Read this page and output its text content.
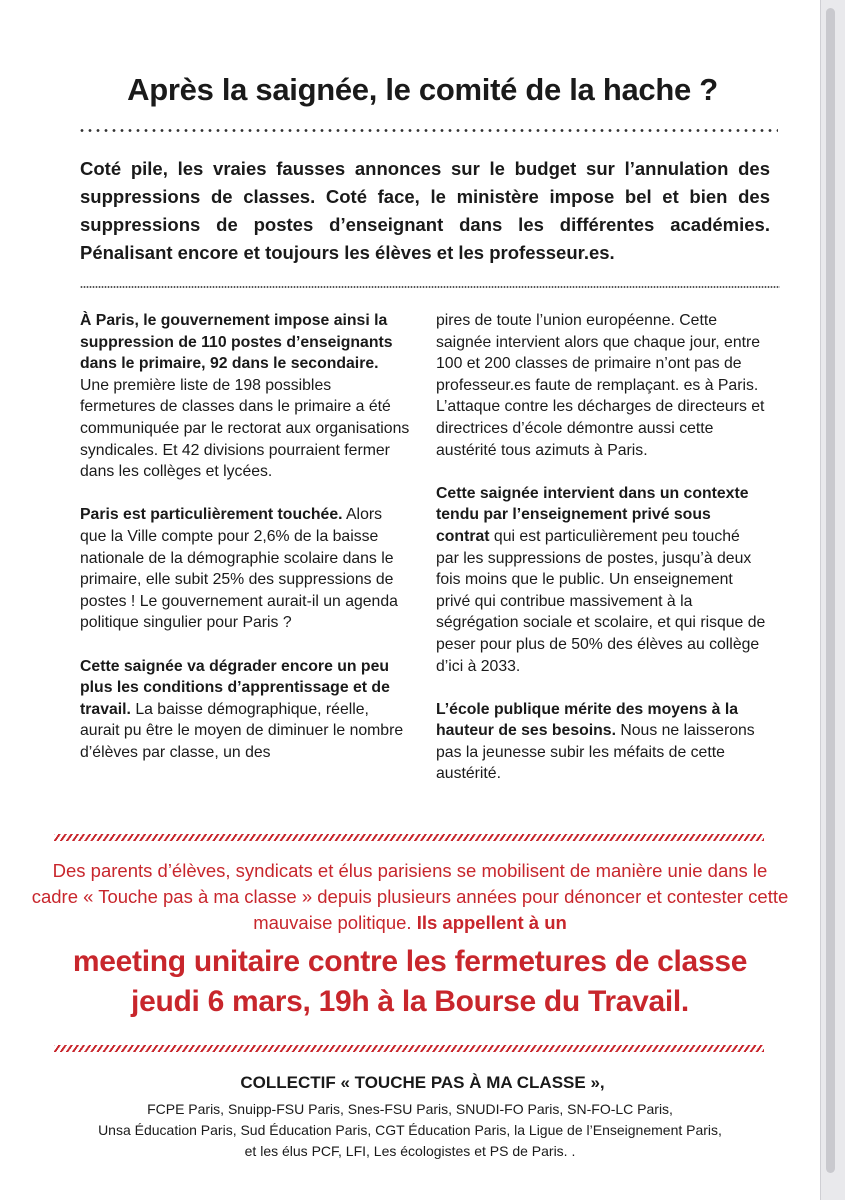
Après la saignée, le comité de la hache ?

Coté pile, les vraies fausses annonces sur le budget sur l’annulation des suppressions de classes. Coté face, le ministère impose bel et bien des suppressions de postes d’enseignant dans les différentes académies. Pénalisant encore et toujours les élèves et les professeur.es.

À Paris, le gouvernement impose ainsi la suppression de 110 postes d’enseignants dans le primaire, 92 dans le secondaire. Une première liste de 198 possibles fermetures de classes dans le primaire a été communiquée par le rectorat aux organisations syndicales. Et 42 divisions pourraient fermer dans les collèges et lycées.

Paris est particulièrement touchée. Alors que la Ville compte pour 2,6% de la baisse nationale de la démographie scolaire dans le primaire, elle subit 25% des suppressions de postes ! Le gouvernement aurait-il un agenda politique singulier pour Paris ?

Cette saignée va dégrader encore un peu plus les conditions d’apprentissage et de travail. La baisse démographique, réelle, aurait pu être le moyen de diminuer le nombre d’élèves par classe, un des

pires de toute l’union européenne. Cette saignée intervient alors que chaque jour, entre 100 et 200 classes de primaire n’ont pas de professeur.es faute de remplaçant. es à Paris. L’attaque contre les décharges de directeurs et directrices d’école démontre aussi cette austérité tous azimuts à Paris.

Cette saignée intervient dans un contexte tendu par l’enseignement privé sous contrat qui est particulièrement peu touché par les suppressions de postes, jusqu’à deux fois moins que le public. Un enseignement privé qui contribue massivement à la ségrégation sociale et scolaire, et qui risque de peser pour plus de 50% des élèves au collège d’ici à 2033.

L’école publique mérite des moyens à la hauteur de ses besoins. Nous ne laisserons pas la jeunesse subir les méfaits de cette austérité.

Des parents d’élèves, syndicats et élus parisiens se mobilisent de manière unie dans le cadre « Touche pas à ma classe » depuis plusieurs années pour dénoncer et contester cette mauvaise politique. Ils appellent à un

meeting unitaire contre les fermetures de classe

jeudi 6 mars, 19h à la Bourse du Travail.

COLLECTIF « TOUCHE PAS À MA CLASSE »,

FCPE Paris, Snuipp-FSU Paris, Snes-FSU Paris, SNUDI-FO Paris, SN-FO-LC Paris,
Unsa Éducation Paris, Sud Éducation Paris, CGT Éducation Paris, la Ligue de l’Enseignement Paris,
et les élus PCF, LFI, Les écologistes et PS de Paris. .
